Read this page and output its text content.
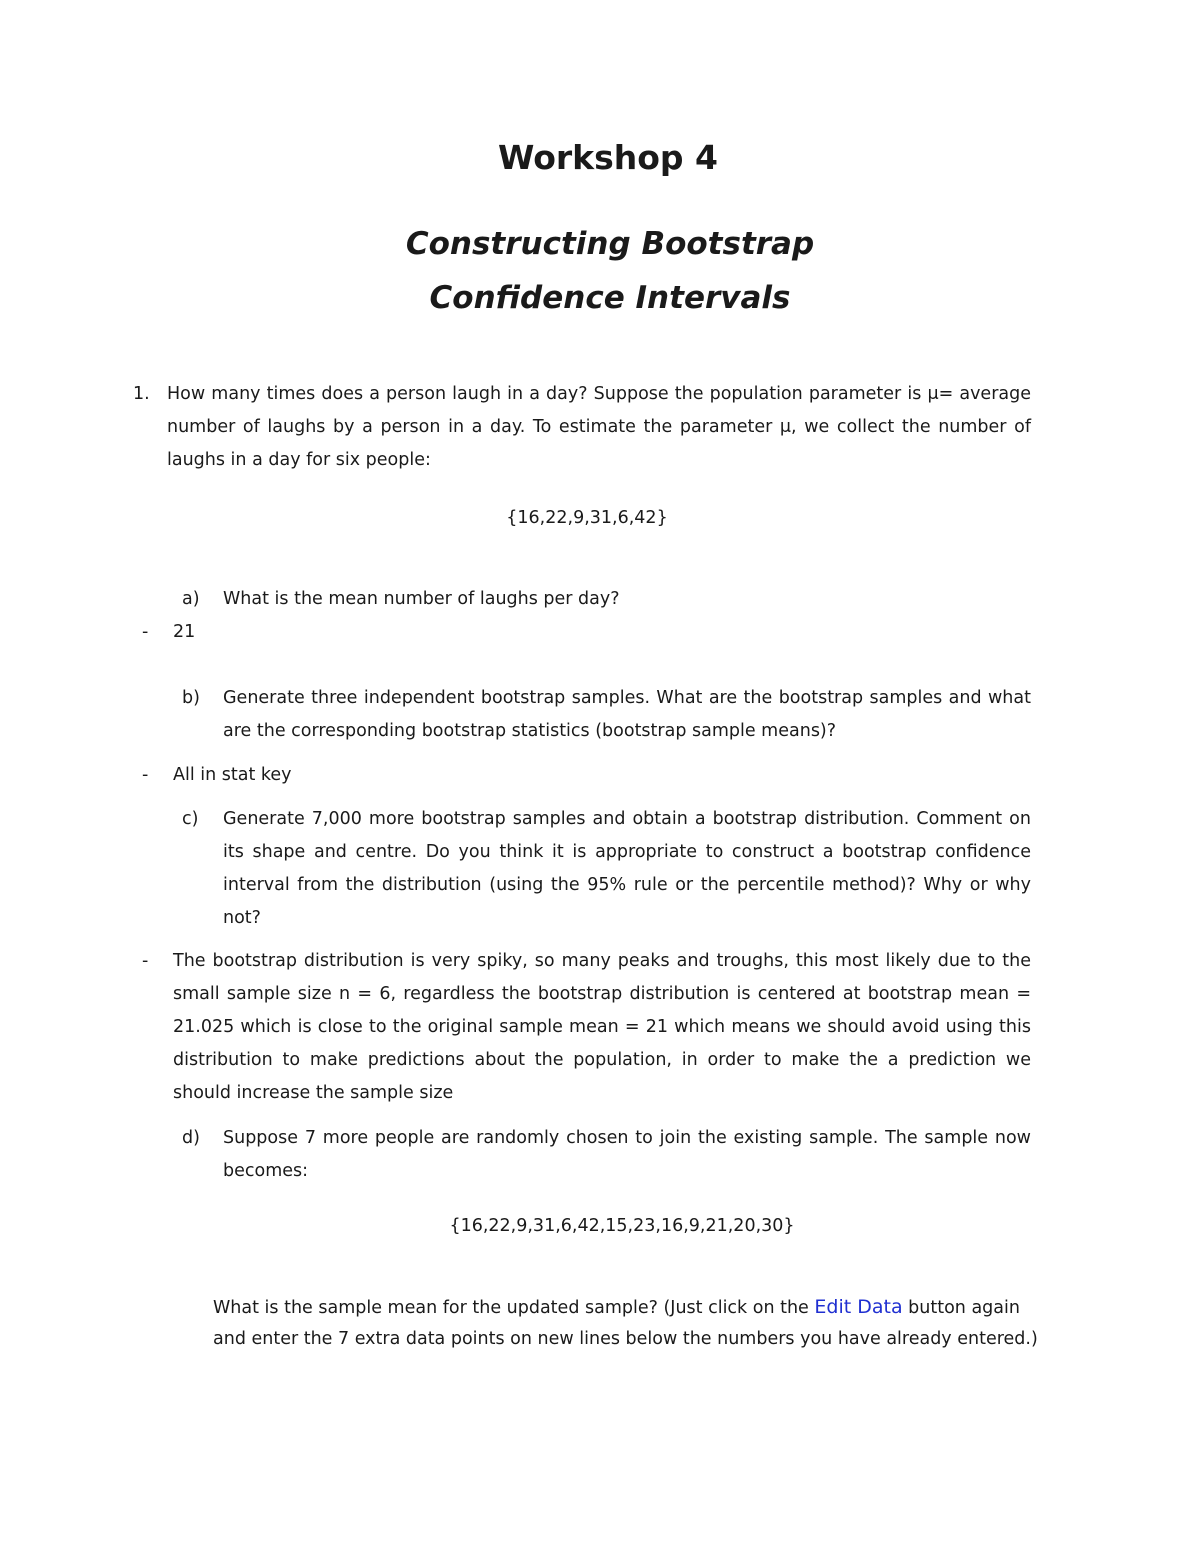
Workshop 4
Constructing Bootstrap
Confidence Intervals
1. How many times does a person laugh in a day? Suppose the population parameter is μ= average
number of laughs by a person in a day. To estimate the parameter μ, we collect the number of
laughs in a day for six people:
{16,22,9,31,6,42}
a) What is the mean number of laughs per day?
- 21
b) Generate three independent bootstrap samples. What are the bootstrap samples and what
are the corresponding bootstrap statistics (bootstrap sample means)?
- All in stat key
c) Generate 7,000 more bootstrap samples and obtain a bootstrap distribution. Comment on
its shape and centre. Do you think it is appropriate to construct a bootstrap confidence
interval from the distribution (using the 95% rule or the percentile method)? Why or why
not?
- The bootstrap distribution is very spiky, so many peaks and troughs, this most likely due to the
small sample size n = 6, regardless the bootstrap distribution is centered at bootstrap mean =
21.025 which is close to the original sample mean = 21 which means we should avoid using this
distribution to make predictions about the population, in order to make the a prediction we
should increase the sample size
d) Suppose 7 more people are randomly chosen to join the existing sample. The sample now
becomes:
{16,22,9,31,6,42,15,23,16,9,21,20,30}
What is the sample mean for the updated sample? (Just click on the Edit Data button again
and enter the 7 extra data points on new lines below the numbers you have already entered.)
